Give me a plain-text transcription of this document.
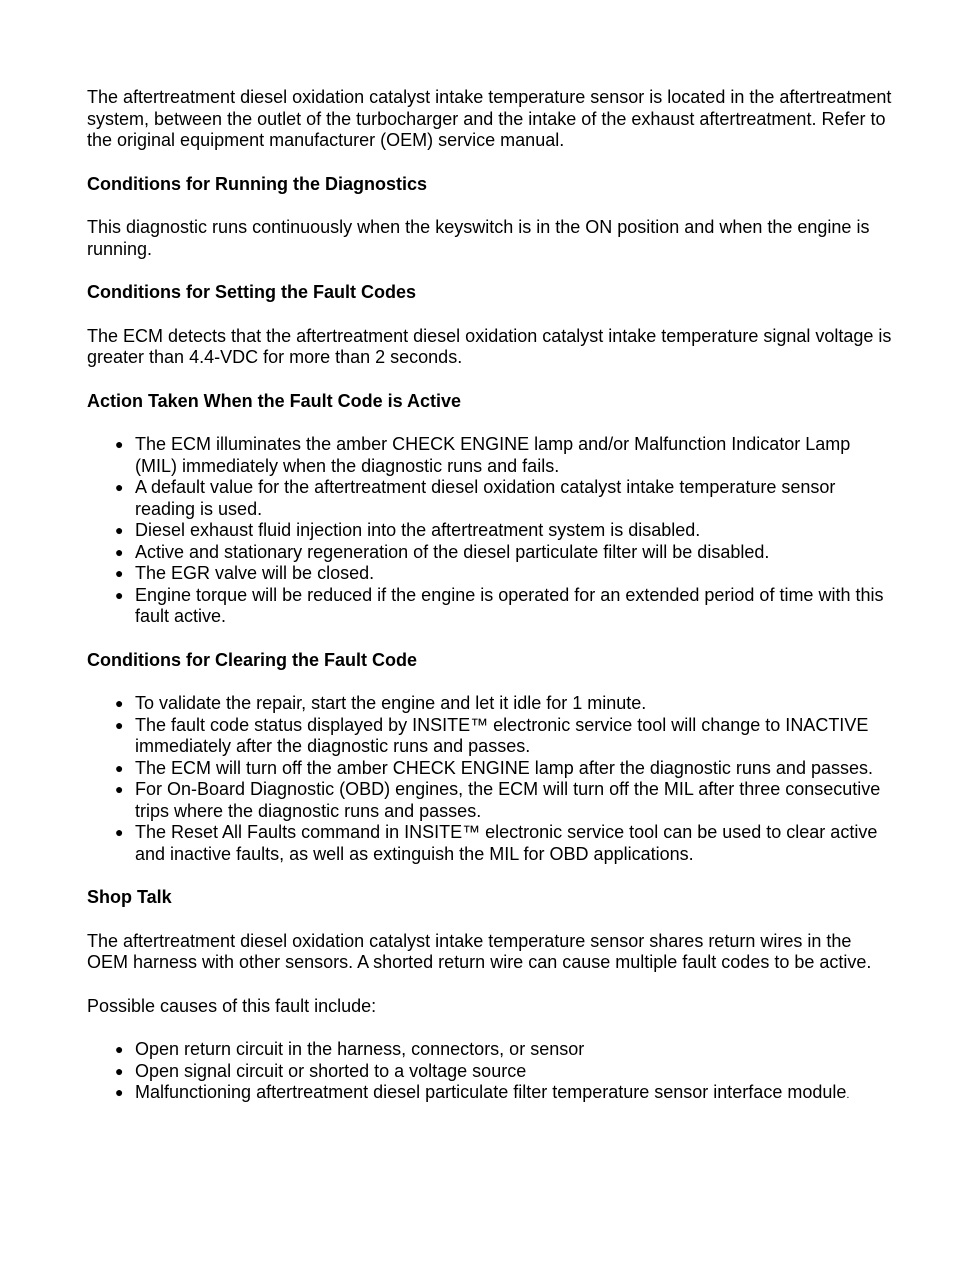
The aftertreatment diesel oxidation catalyst intake temperature sensor is located in the aftertreatment system, between the outlet of the turbocharger and the intake of the exhaust aftertreatment. Refer to the original equipment manufacturer (OEM) service manual.

Conditions for Running the Diagnostics

This diagnostic runs continuously when the keyswitch is in the ON position and when the engine is running.

Conditions for Setting the Fault Codes

The ECM detects that the aftertreatment diesel oxidation catalyst intake temperature signal voltage is greater than 4.4-VDC for more than 2 seconds.

Action Taken When the Fault Code is Active
● The ECM illuminates the amber CHECK ENGINE lamp and/or Malfunction Indicator Lamp (MIL) immediately when the diagnostic runs and fails.
● A default value for the aftertreatment diesel oxidation catalyst intake temperature sensor reading is used.
● Diesel exhaust fluid injection into the aftertreatment system is disabled.
● Active and stationary regeneration of the diesel particulate filter will be disabled.
● The EGR valve will be closed.
● Engine torque will be reduced if the engine is operated for an extended period of time with this fault active.
Conditions for Clearing the Fault Code
● To validate the repair, start the engine and let it idle for 1 minute.
● The fault code status displayed by INSITE™ electronic service tool will change to INACTIVE immediately after the diagnostic runs and passes.
● The ECM will turn off the amber CHECK ENGINE lamp after the diagnostic runs and passes.
● For On-Board Diagnostic (OBD) engines, the ECM will turn off the MIL after three consecutive trips where the diagnostic runs and passes.
● The Reset All Faults command in INSITE™ electronic service tool can be used to clear active and inactive faults, as well as extinguish the MIL for OBD applications.
Shop Talk

The aftertreatment diesel oxidation catalyst intake temperature sensor shares return wires in the OEM harness with other sensors. A shorted return wire can cause multiple fault codes to be active.

Possible causes of this fault include:

● Open return circuit in the harness, connectors, or sensor
● Open signal circuit or shorted to a voltage source
● Malfunctioning aftertreatment diesel particulate filter temperature sensor interface module.
